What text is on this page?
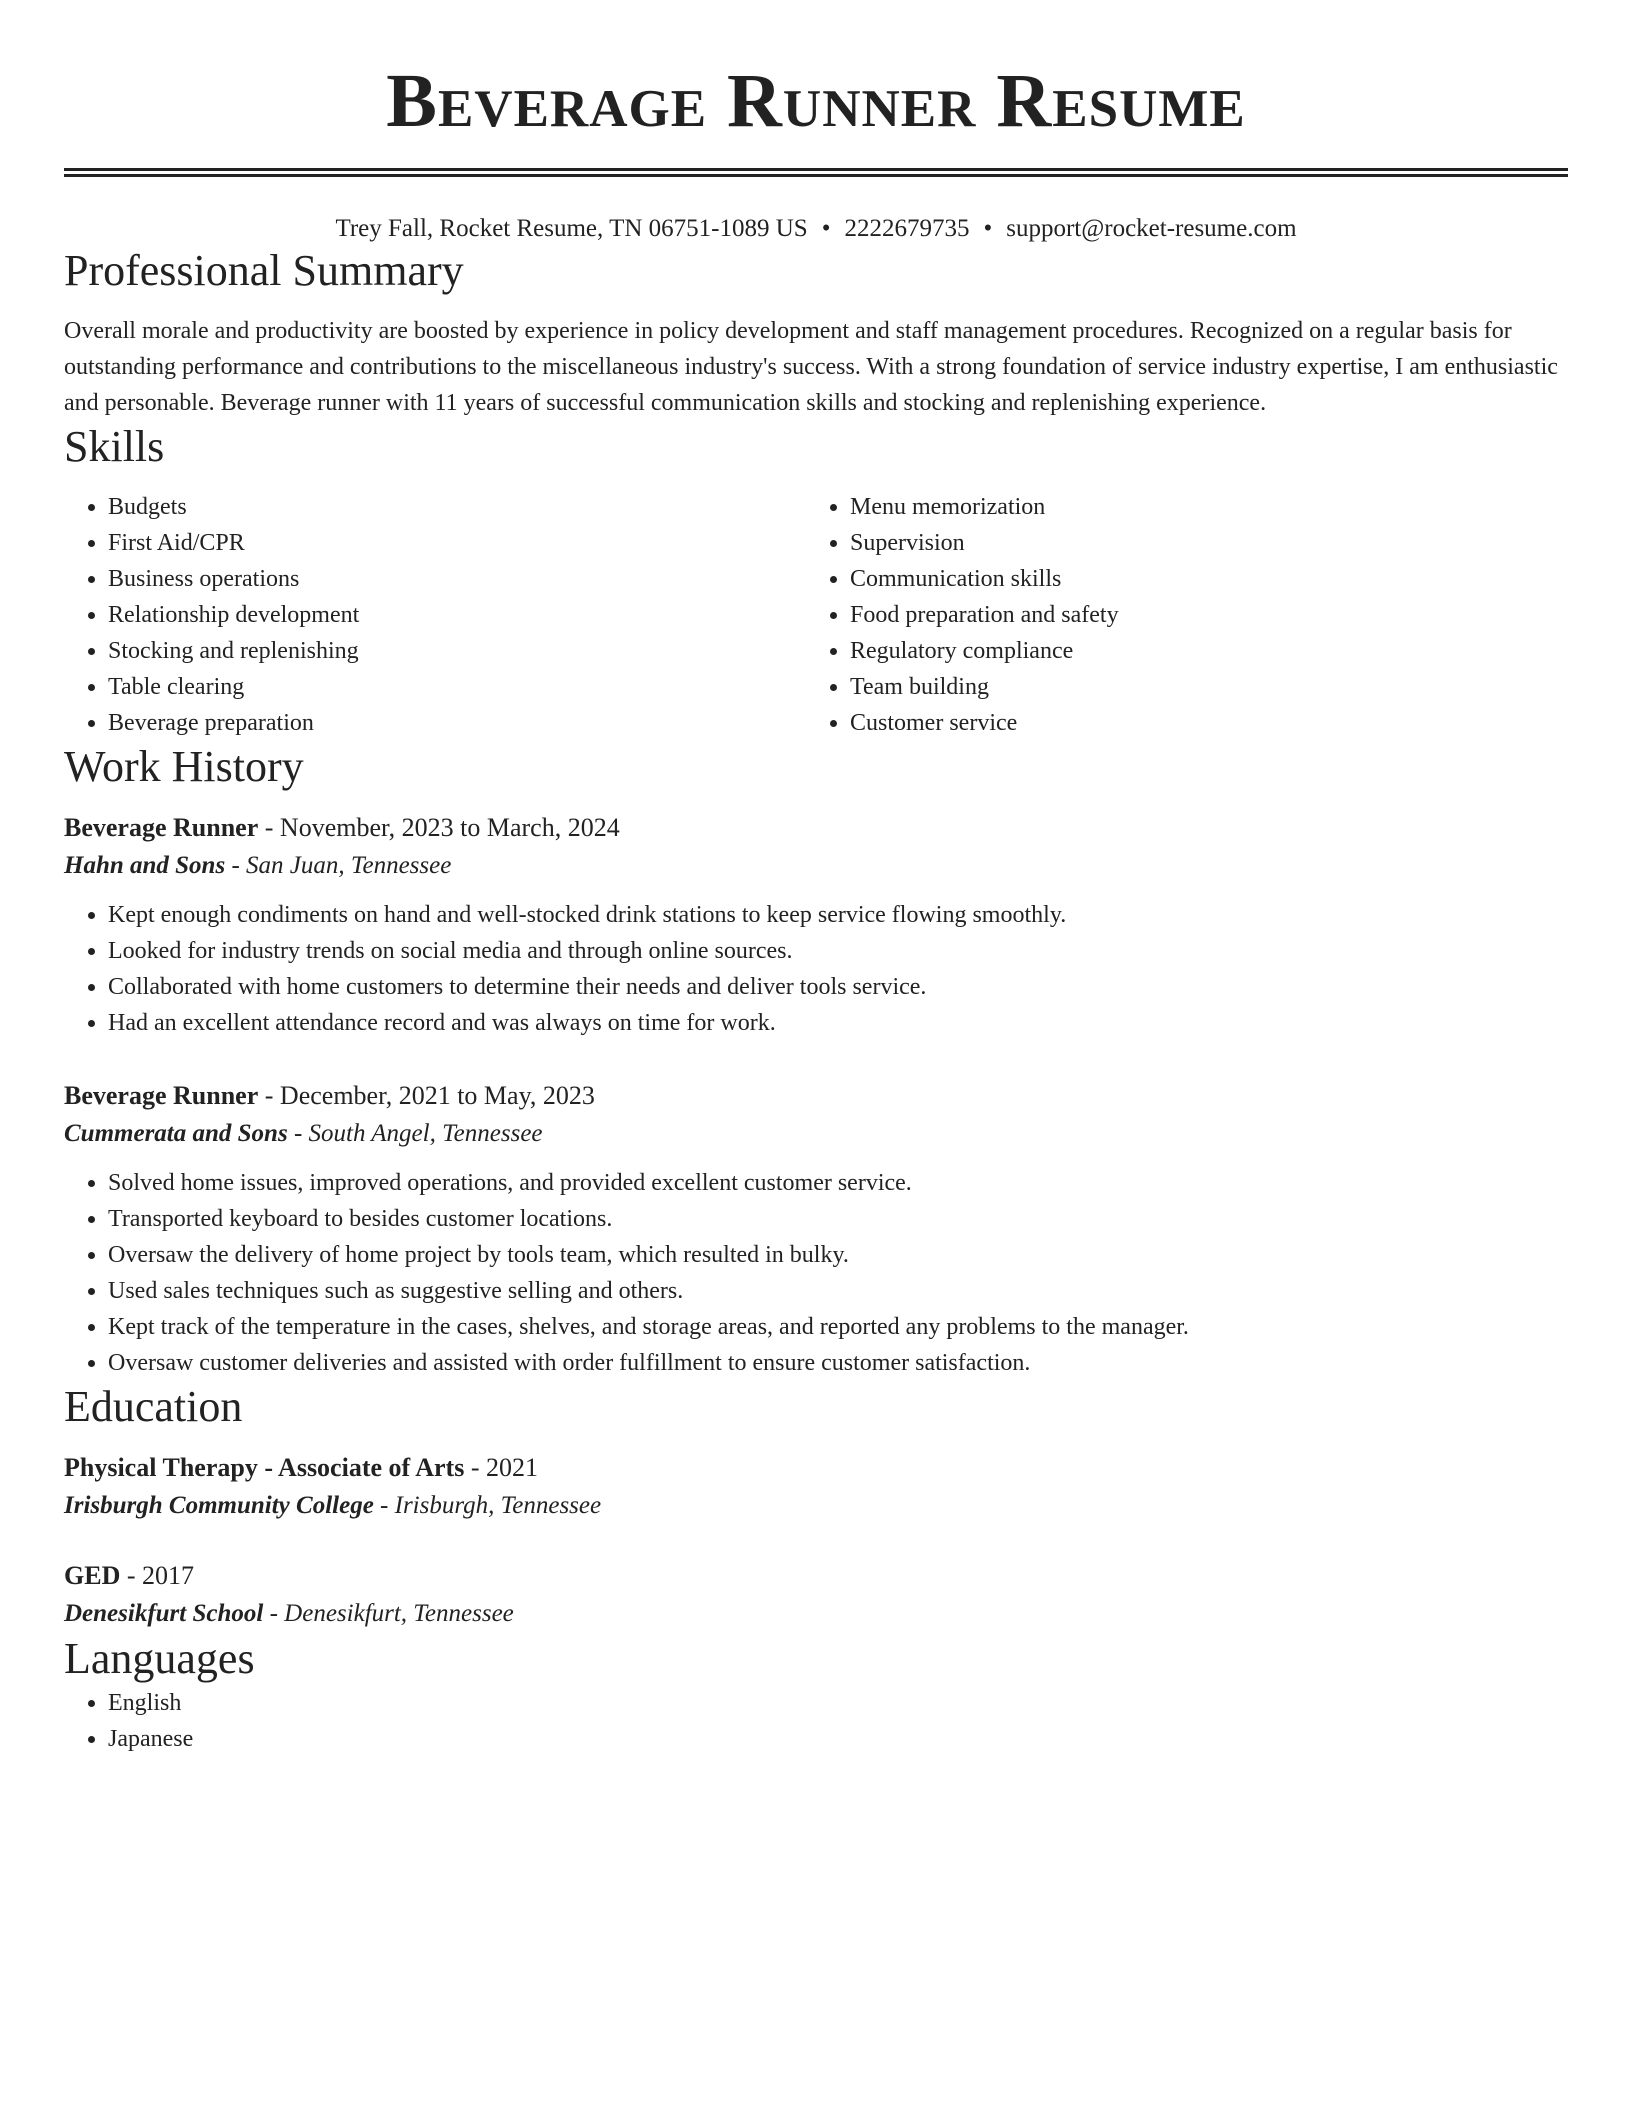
Beverage Runner Resume
Trey Fall, Rocket Resume, TN 06751-1089 US • 2222679735 • support@rocket-resume.com
Professional Summary

Overall morale and productivity are boosted by experience in policy development and staff management procedures. Recognized on a regular basis for outstanding performance and contributions to the miscellaneous industry's success. With a strong foundation of service industry expertise, I am enthusiastic and personable. Beverage runner with 11 years of successful communication skills and stocking and replenishing experience.

Skills
• Budgets
• First Aid/CPR
• Business operations
• Relationship development
• Stocking and replenishing
• Table clearing
• Beverage preparation
• Menu memorization
• Supervision
• Communication skills
• Food preparation and safety
• Regulatory compliance
• Team building
• Customer service
Work History
Beverage Runner - November, 2023 to March, 2024
Hahn and Sons - San Juan, Tennessee
• Kept enough condiments on hand and well-stocked drink stations to keep service flowing smoothly.
• Looked for industry trends on social media and through online sources.
• Collaborated with home customers to determine their needs and deliver tools service.
• Had an excellent attendance record and was always on time for work.
Beverage Runner - December, 2021 to May, 2023
Cummerata and Sons - South Angel, Tennessee
• Solved home issues, improved operations, and provided excellent customer service.
• Transported keyboard to besides customer locations.
• Oversaw the delivery of home project by tools team, which resulted in bulky.
• Used sales techniques such as suggestive selling and others.
• Kept track of the temperature in the cases, shelves, and storage areas, and reported any problems to the manager.
• Oversaw customer deliveries and assisted with order fulfillment to ensure customer satisfaction.
Education
Physical Therapy - Associate of Arts - 2021
Irisburgh Community College - Irisburgh, Tennessee
GED - 2017
Denesikfurt School - Denesikfurt, Tennessee
Languages
• English
• Japanese
